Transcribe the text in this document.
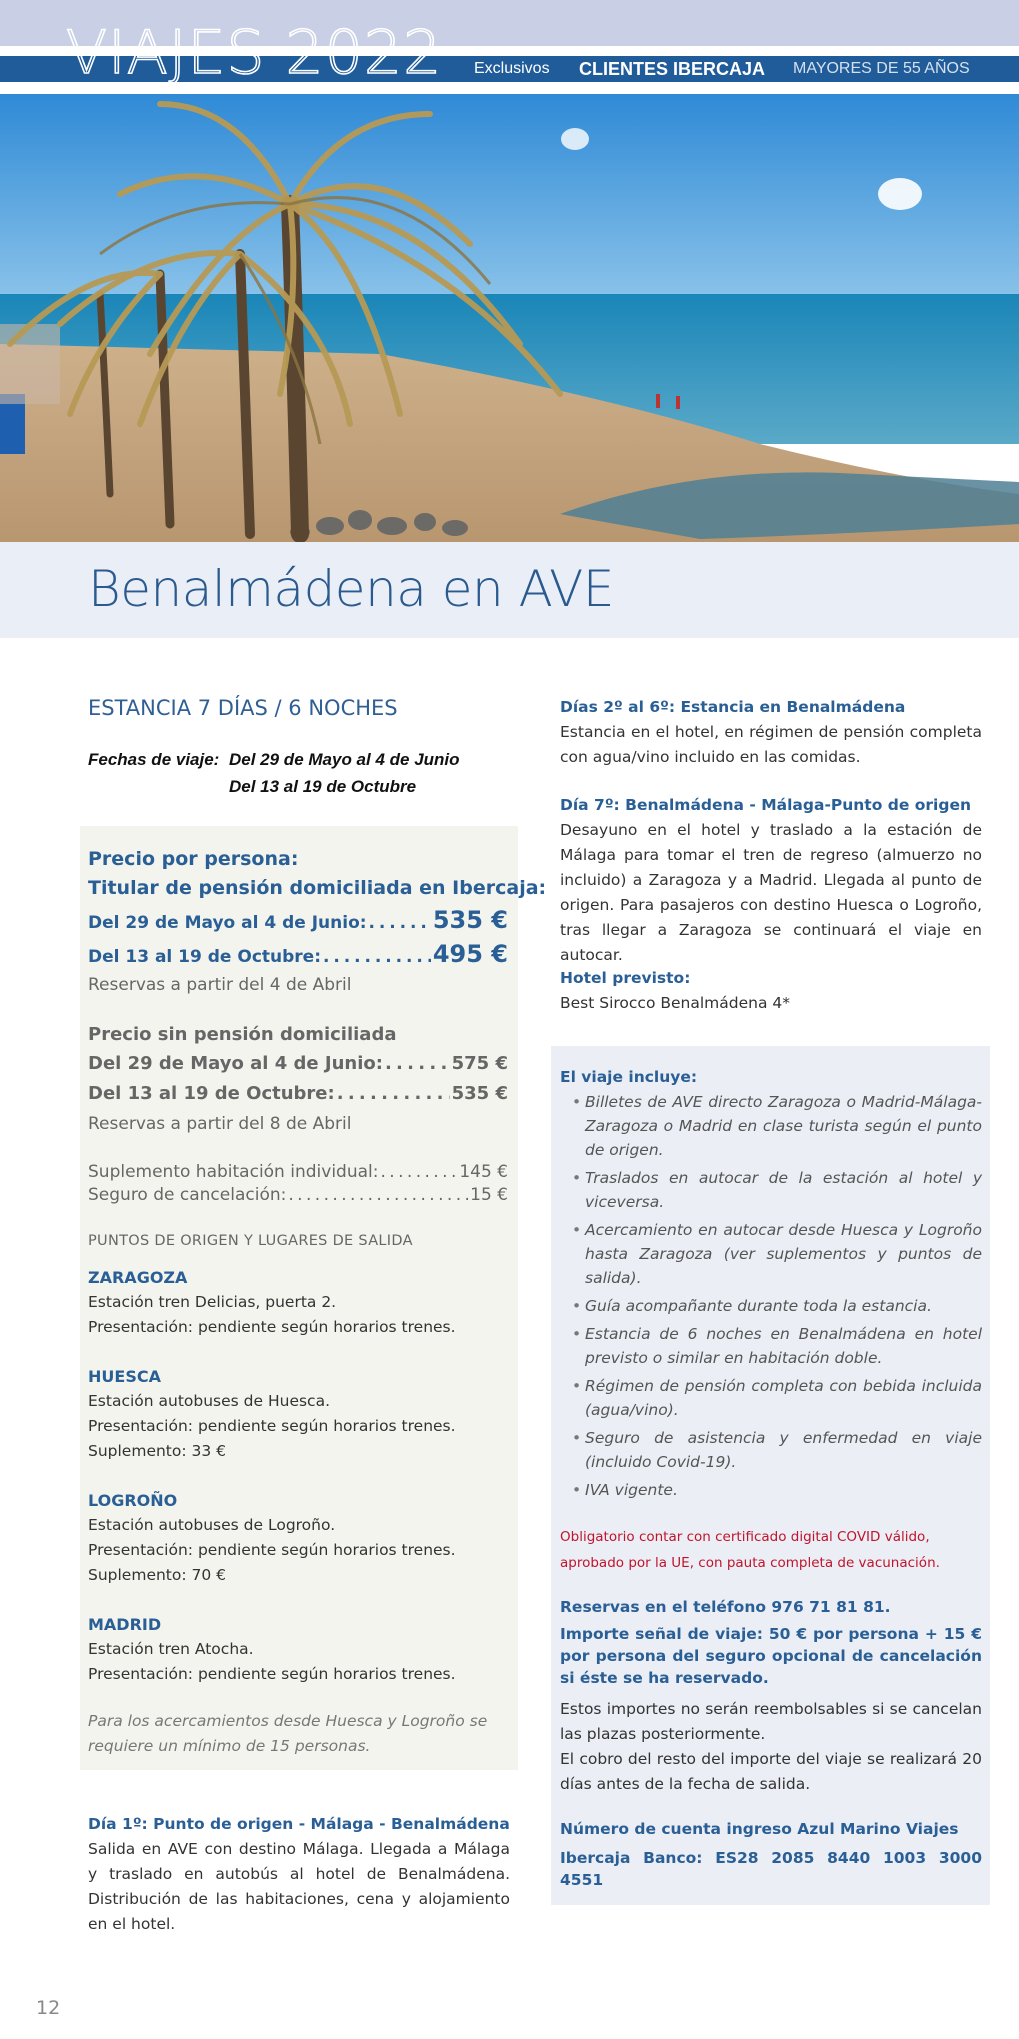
VIAJES 2022 Exclusivos CLIENTES IBERCAJA MAYORES DE 55 AÑOS
Benalmádena en AVE
ESTANCIA 7 DÍAS / 6 NOCHES
Fechas de viaje: Del 29 de Mayo al 4 de Junio
Del 13 al 19 de Octubre
Precio por persona:
Titular de pensión domiciliada en Ibercaja:
Del 29 de Mayo al 4 de Junio:
. . .	535 €
Del 13 al 19 de Octubre:
. . .	495 €
Reservas a partir del 4 de Abril
Precio sin pensión domiciliada
Del 29 de Mayo al 4 de Junio:
. . .	575 €
Del 13 al 19 de Octubre:
. . .	535 €
Reservas a partir del 8 de Abril
Suplemento habitación individual:
. . .	145 €
Seguro de cancelación:
. . .	15 €
PUNTOS DE ORIGEN Y LUGARES DE SALIDA
ZARAGOZA
Estación tren Delicias, puerta 2.
Presentación: pendiente según horarios trenes.
HUESCA
Estación autobuses de Huesca.
Presentación: pendiente según horarios trenes.
Suplemento: 33 €
LOGROÑO
Estación autobuses de Logroño.
Presentación: pendiente según horarios trenes.
Suplemento: 70 €
MADRID
Estación tren Atocha.
Presentación: pendiente según horarios trenes.
Para los acercamientos desde Huesca y Logroño se requiere un mínimo de 15 personas.
Día 1º: Punto de origen - Málaga - Benalmádena
Salida en AVE con destino Málaga. Llegada a Málaga y traslado en autobús al hotel de Benalmádena. Distribución de las habitaciones, cena y alojamiento en el hotel.
Días 2º al 6º: Estancia en Benalmádena
Estancia en el hotel, en régimen de pensión completa con agua/vino incluido en las comidas.
Día 7º: Benalmádena - Málaga-Punto de origen
Desayuno en el hotel y traslado a la estación de Málaga para tomar el tren de regreso (almuerzo no incluido) a Zaragoza y a Madrid. Llegada al punto de origen. Para pasajeros con destino Huesca o Logroño, tras llegar a Zaragoza se continuará el viaje en autocar.
Hotel previsto:
Best Sirocco Benalmádena 4*
El viaje incluye:
• Billetes de AVE directo Zaragoza o Madrid-Málaga-Zaragoza o Madrid en clase turista según el punto de origen.
• Traslados en autocar de la estación al hotel y viceversa.
• Acercamiento en autocar desde Huesca y Logroño hasta Zaragoza (ver suplementos y puntos de salida).
• Guía acompañante durante toda la estancia.
• Estancia de 6 noches en Benalmádena en hotel previsto o similar en habitación doble.
• Régimen de pensión completa con bebida incluida (agua/vino).
• Seguro de asistencia y enfermedad en viaje (incluido Covid-19).
• IVA vigente.
Obligatorio contar con certificado digital COVID válido,
aprobado por la UE, con pauta completa de vacunación.
Reservas en el teléfono 976 71 81 81.
Importe señal de viaje: 50 € por persona + 15 € por persona del seguro opcional de cancelación si éste se ha reservado.
Estos importes no serán reembolsables si se cancelan las plazas posteriormente.
El cobro del resto del importe del viaje se realizará 20 días antes de la fecha de salida.
Número de cuenta ingreso Azul Marino Viajes
Ibercaja Banco: ES28 2085 8440 1003 3000 4551
12
